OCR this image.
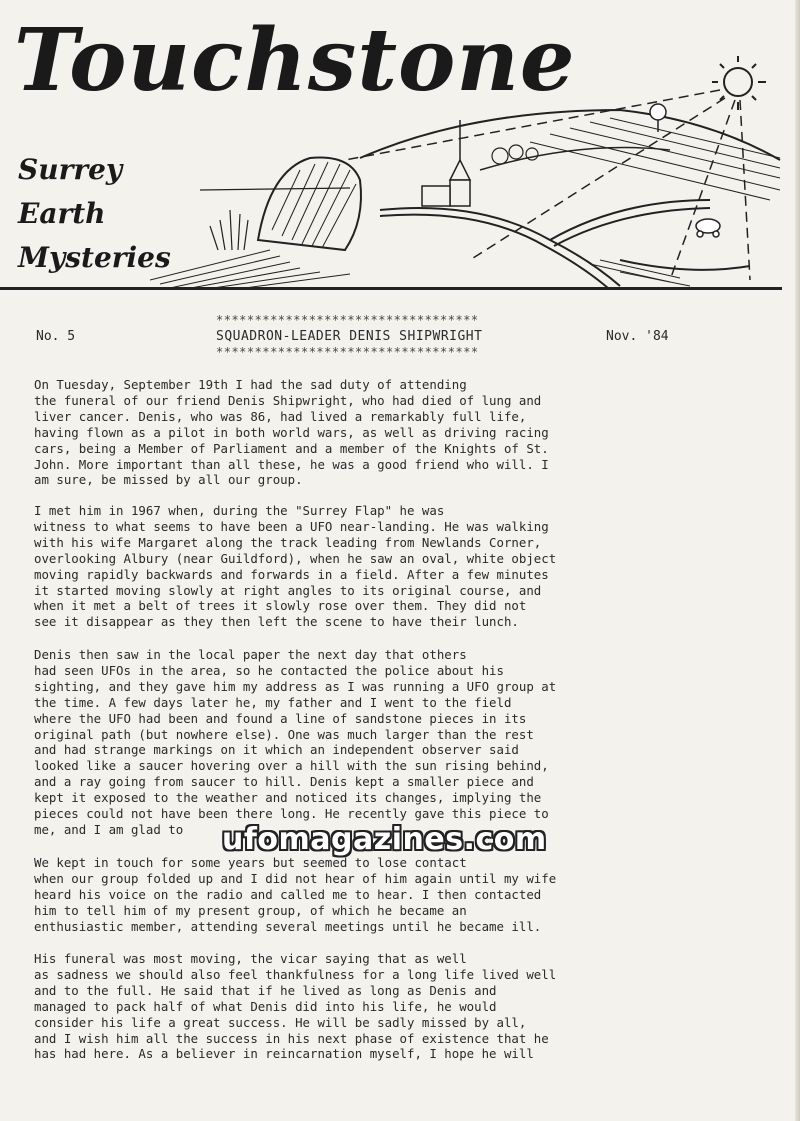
Touchstone
Surrey
Earth
Mysteries
No. 5
**********************************
SQUADRON-LEADER DENIS SHIPWRIGHT
**********************************
Nov. '84
On Tuesday, September 19th I had the sad duty of attending
the funeral of our friend Denis Shipwright, who had died of lung and
liver cancer. Denis, who was 86, had lived a remarkably full life,
having flown as a pilot in both world wars, as well as driving racing
cars, being a Member of Parliament and a member of the Knights of St.
John. More important than all these, he was a good friend who will. I
am sure, be missed by all our group.
I met him in 1967 when, during the "Surrey Flap" he was
witness to what seems to have been a UFO near-landing. He was walking
with his wife Margaret along the track leading from Newlands Corner,
overlooking Albury (near Guildford), when he saw an oval, white object
moving rapidly backwards and forwards in a field. After a few minutes
it started moving slowly at right angles to its original course, and
when it met a belt of trees it slowly rose over them. They did not
see it disappear as they then left the scene to have their lunch.
Denis then saw in the local paper the next day that others
had seen UFOs in the area, so he contacted the police about his
sighting, and they gave him my address as I was running a UFO group at
the time. A few days later he, my father and I went to the field
where the UFO had been and found a line of sandstone pieces in its
original path (but nowhere else). One was much larger than the rest
and had strange markings on it which an independent observer said
looked like a saucer hovering over a hill with the sun rising behind,
and a ray going from saucer to hill. Denis kept a smaller piece and
kept it exposed to the weather and noticed its changes, implying the
pieces could not have been there long. He recently gave this piece to
me, and I am glad to
We kept in touch for some years but seemed to lose contact
when our group folded up and I did not hear of him again until my wife
heard his voice on the radio and called me to hear. I then contacted
him to tell him of my present group, of which he became an
enthusiastic member, attending several meetings until he became ill.
His funeral was most moving, the vicar saying that as well
as sadness we should also feel thankfulness for a long life lived well
and to the full. He said that if he lived as long as Denis and
managed to pack half of what Denis did into his life, he would
consider his life a great success. He will be sadly missed by all,
and I wish him all the success in his next phase of existence that he
has had here. As a believer in reincarnation myself, I hope he will
ufomagazines.com
